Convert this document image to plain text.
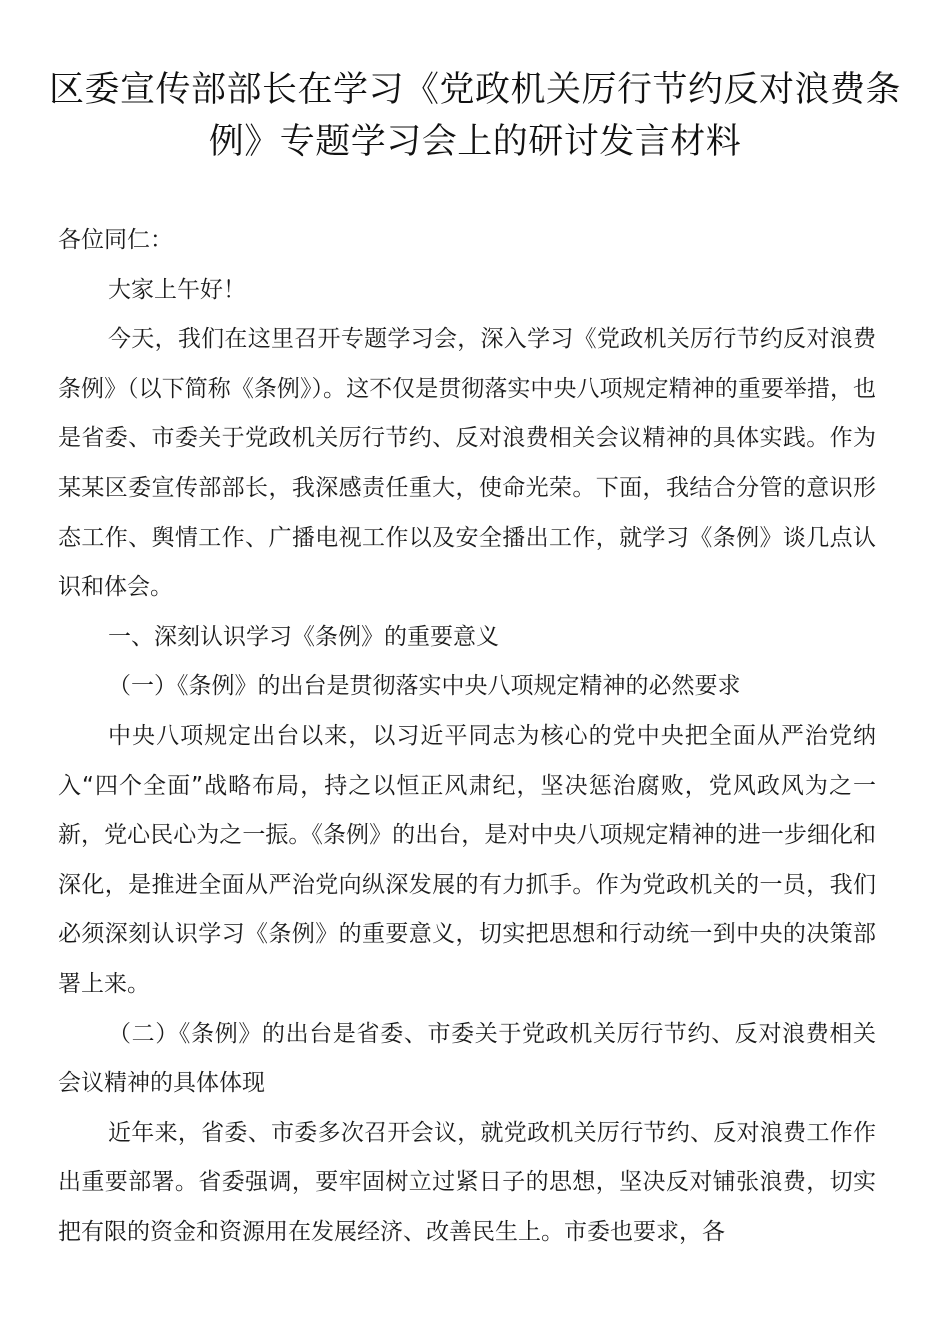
区委宣传部部长在学习《党政机关厉行节约反对浪费条例》专题学习会上的研讨发言材料

各位同仁：

大家上午好！

今天，我们在这里召开专题学习会，深入学习《党政机关厉行节约反对浪费条例》（以下简称《条例》）。这不仅是贯彻落实中央八项规定精神的重要举措，也是省委、市委关于党政机关厉行节约、反对浪费相关会议精神的具体实践。作为某某区委宣传部部长，我深感责任重大，使命光荣。下面，我结合分管的意识形态工作、舆情工作、广播电视工作以及安全播出工作，就学习《条例》谈几点认识和体会。

一、深刻认识学习《条例》的重要意义

（一）《条例》的出台是贯彻落实中央八项规定精神的必然要求

中央八项规定出台以来，以习近平同志为核心的党中央把全面从严治党纳入“四个全面”战略布局，持之以恒正风肃纪，坚决惩治腐败，党风政风为之一新，党心民心为之一振。《条例》的出台，是对中央八项规定精神的进一步细化和深化，是推进全面从严治党向纵深发展的有力抓手。作为党政机关的一员，我们必须深刻认识学习《条例》的重要意义，切实把思想和行动统一到中央的决策部署上来。

（二）《条例》的出台是省委、市委关于党政机关厉行节约、反对浪费相关会议精神的具体体现

近年来，省委、市委多次召开会议，就党政机关厉行节约、反对浪费工作作出重要部署。省委强调，要牢固树立过紧日子的思想，坚决反对铺张浪费，切实把有限的资金和资源用在发展经济、改善民生上。市委也要求，各
